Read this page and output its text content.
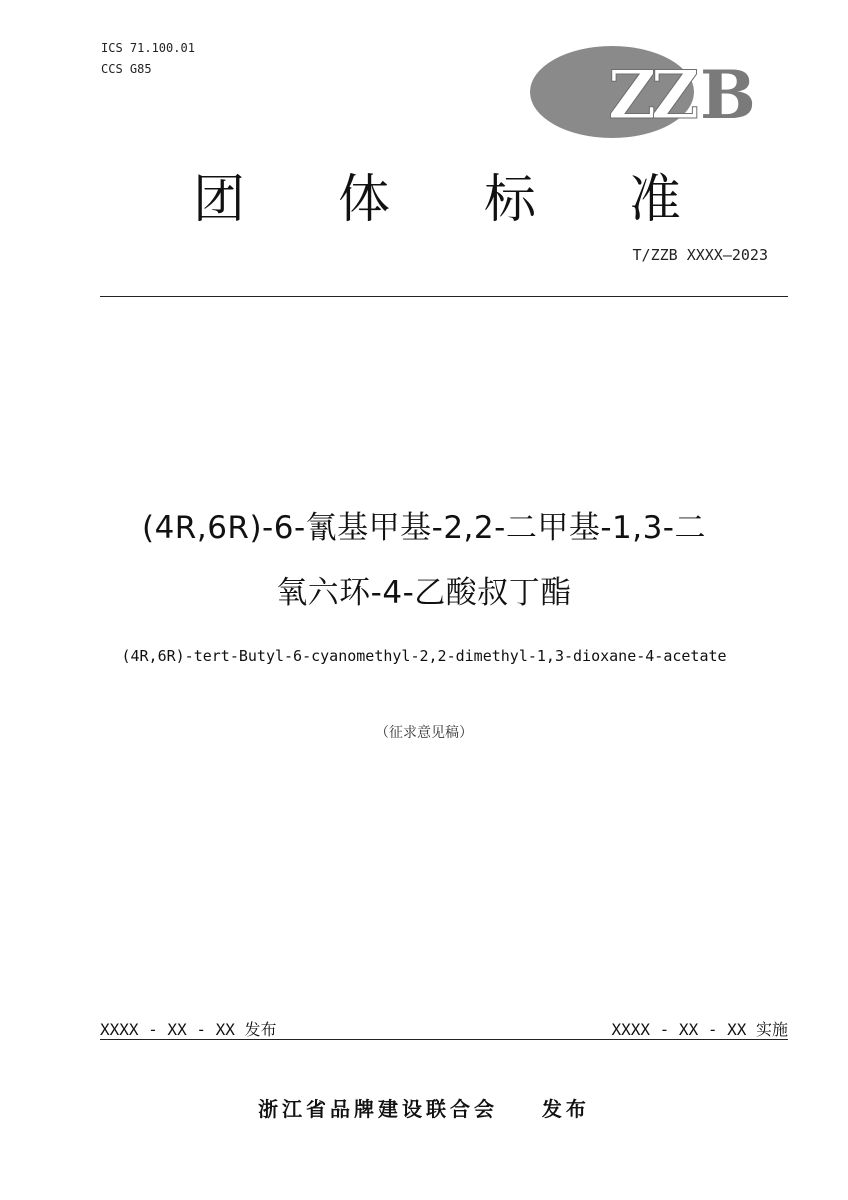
ICS 71.100.01
CCS G85	Z
Z B
团 体 标 准
T/ZZB XXXX—2023
(4R,6R)-6-氰基甲基-2,2-二甲基-1,3-二
氧六环-4-乙酸叔丁酯
(4R,6R)-tert-Butyl-6-cyanomethyl-2,2-dimethyl-1,3-dioxane-4-acetate
（征求意见稿）
XXXX - XX - XX 发布	XXXX - XX - XX 实施
浙江省品牌建设联合会    发布
